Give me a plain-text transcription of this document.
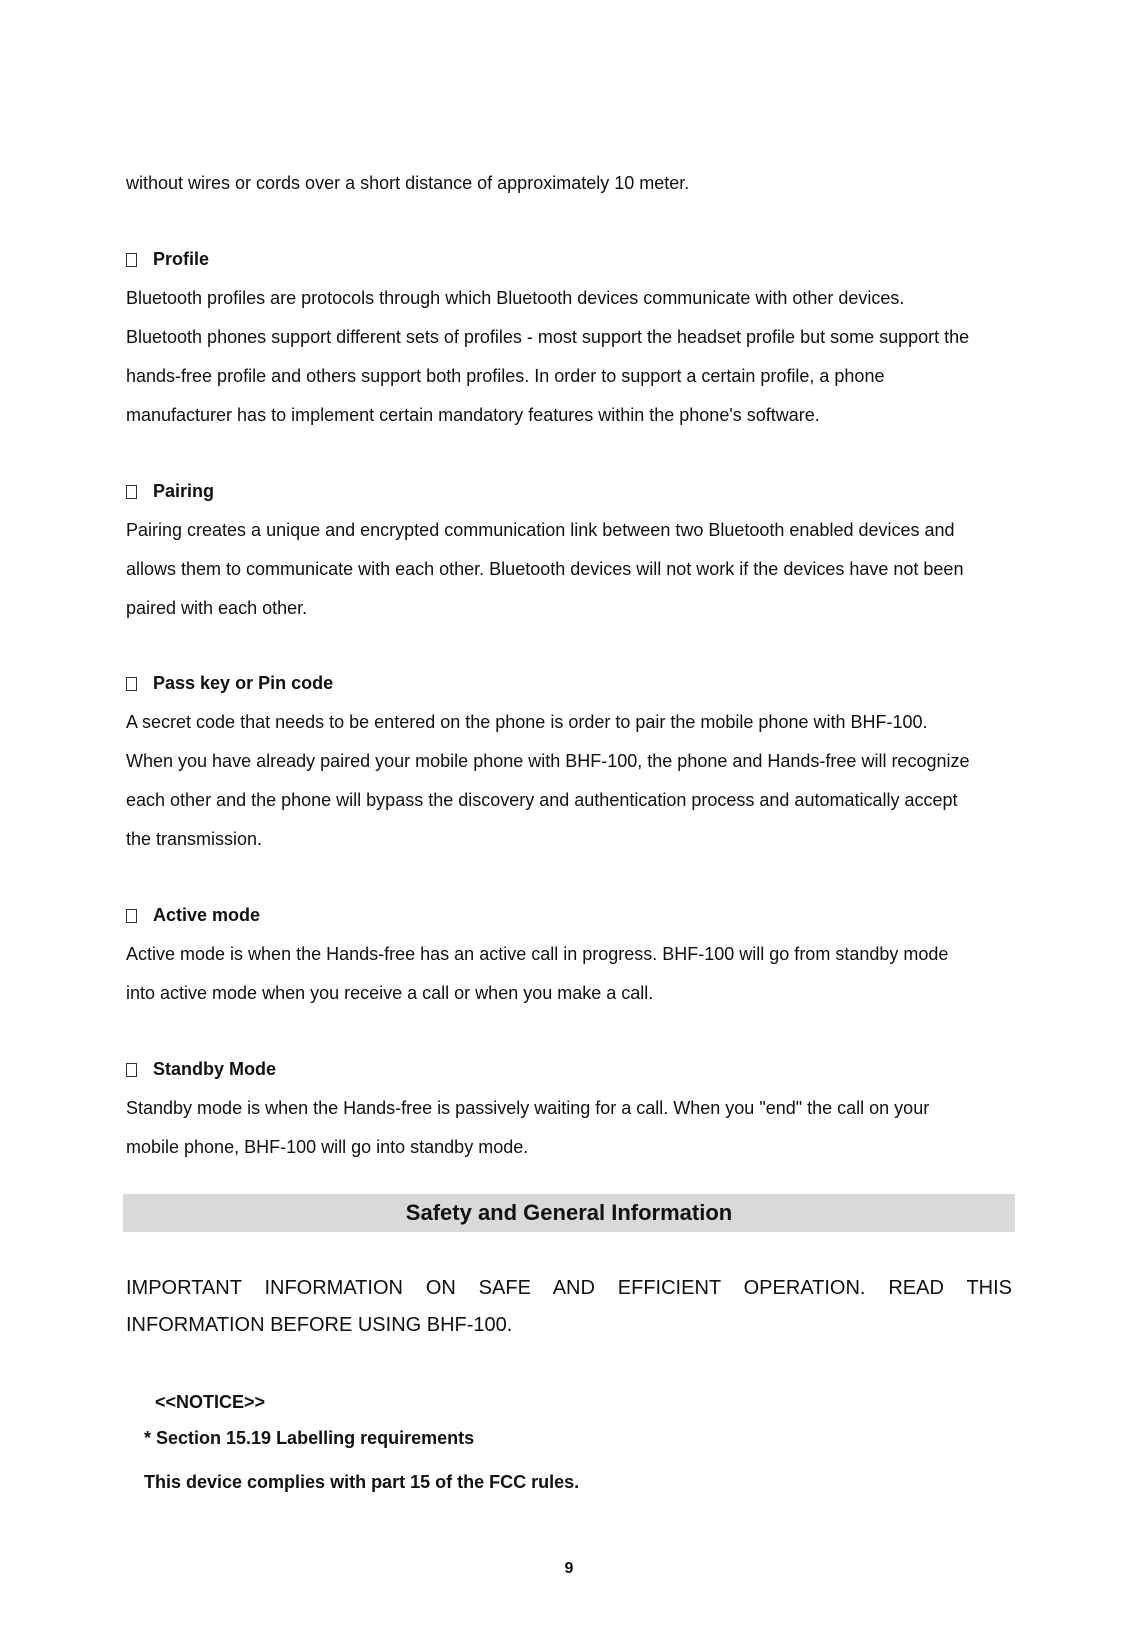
without wires or cords over a short distance of approximately 10 meter.
Profile
Bluetooth profiles are protocols through which Bluetooth devices communicate with other devices.
Bluetooth phones support different sets of profiles - most support the headset profile but some support the
hands-free profile and others support both profiles. In order to support a certain profile, a phone
manufacturer has to implement certain mandatory features within the phone's software.
Pairing
Pairing creates a unique and encrypted communication link between two Bluetooth enabled devices and
allows them to communicate with each other. Bluetooth devices will not work if the devices have not been
paired with each other.
Pass key or Pin code
A secret code that needs to be entered on the phone is order to pair the mobile phone with BHF-100.
When you have already paired your mobile phone with BHF-100, the phone and Hands-free will recognize
each other and the phone will bypass the discovery and authentication process and automatically accept
the transmission.
Active mode
Active mode is when the Hands-free has an active call in progress. BHF-100 will go from standby mode
into active mode when you receive a call or when you make a call.
Standby Mode
Standby mode is when the Hands-free is passively waiting for a call. When you "end" the call on your
mobile phone, BHF-100 will go into standby mode.
Safety and General Information
IMPORTANT INFORMATION ON SAFE AND EFFICIENT OPERATION. READ THIS
INFORMATION BEFORE USING BHF-100.
<<NOTICE>>
* Section 15.19 Labelling requirements
This device complies with part 15 of the FCC rules.
9
